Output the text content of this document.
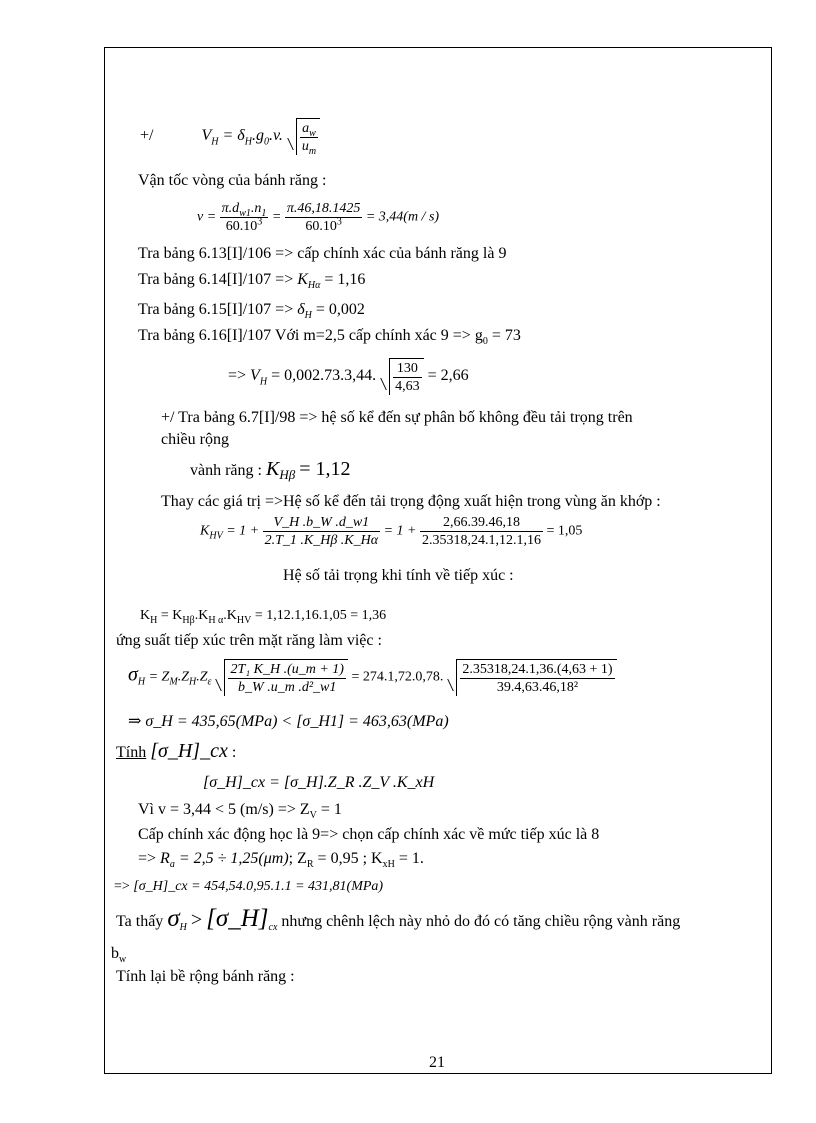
+/	$V_H = \delta_H.g_0.v$. $\frac{a_w}{u_m}$
Vận tốc vòng của bánh răng :
$v = \frac{\pi.d_{w1}.n_1}{60.10^3} = \frac{\pi.46,18.1425}{60.10^3} = 3,44(m / s)$
Tra bảng 6.13[I]/106 => cấp chính xác của bánh răng là 9
Tra bảng $6.14[I]/107 => K_{H\alpha} = 1,16$
Tra bảng $6.15[I]/107 => \delta_H = 0,002$
Tra bảng 6.16[I]/107 Với m=2,5 cấp chính xác $9 => g_0 = 73$
=> $V_H = 0,002.73.3,44$. $\frac{130}{4,63} = 2,66$
+/ Tra bảng 6.7[I]/98 => hệ số kể đến sự phân bố không đều tải trọng trên
chiều rộng
vành răng : $K_{H\beta} = 1,12$
Thay các giá trị =>Hệ số kể đến tải trọng động xuất hiện trong vùng ăn khớp :
$K_{HV} = 1 + \frac{V\_H .b\_W .d\_w1}{2.T\_1 .K\_H\beta .K\_H\alpha} = 1 + \frac{2,66.39.46,18}{2.35318,24.1,12.1,16} = 1,05$
Hệ số tải trọng khi tính về tiếp xúc :
$K_H = K_{H\beta}.K_{H \alpha}.K_{HV} = 1,12.1,16.1,05 = 1,36$
ứng suất tiếp xúc trên mặt răng làm việc :
$\sigma_H = Z_M.Z_H.Z_\varepsilon \frac{\text{2T₁ K\_H .(u\_m + 1)}}{\text{b\_W .u\_m .d²\_w1}} = 274.1,72.0,78$. $\frac{2.35318,24.1,36.(4,63 + 1)}{\text{39.4,63.46,18²}}$
⇒ σ_H = 435,65(MPa) < [σ_H1] = 463,63(MPa)
Tính [σ_H]_cx :
[σ_H]_cx = [σ_H].Z_R .Z_V .K_xH
Vì v = 3,44 < 5 $(m/s) => Z_V = 1$
Cấp chính xác động học là 9=> chọn cấp chính xác về mức tiếp xúc là 8
=> $R_a = 2,5 \div 1,25(\mu m)$; $Z_R = 0,95$ ; $K_{xH} = 1$.
=> [σ_H]_cx = 454,54.0,95.1.1 = 431,81(MPa)
Ta thấy $\sigma_H$ > $[\sigma\_H]_{cx}$ nhưng chênh lệch này nhỏ do đó có tăng chiều rộng vành răng
$b_w$
Tính lại bề rộng bánh răng :
21
